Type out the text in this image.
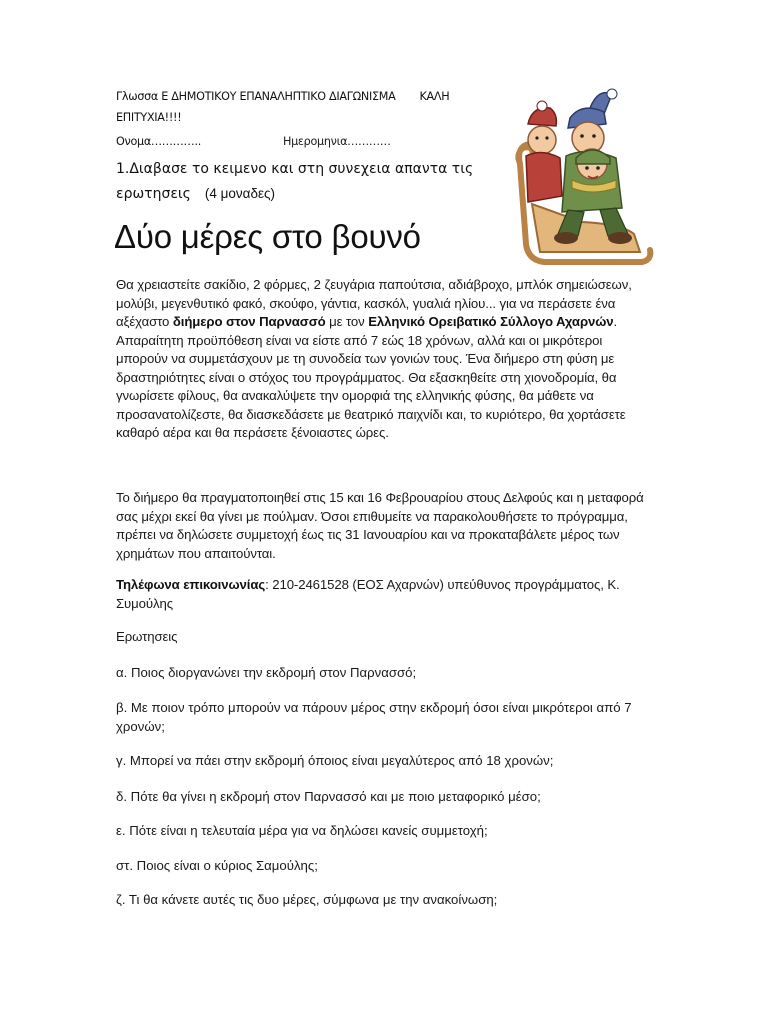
Γλωσσα Ε ΔΗΜΟΤΙΚΟΥ ΕΠΑΝΑΛΗΠΤΙΚΟ ΔΙΑΓΩΝΙΣΜΑ ΚΑΛΗ
ΕΠΙΤΥΧΙΑ!!!!
Ονομα…………..	Ημερομηνια…………
1.Διαβασε το κειμενο και στη συνεχεια απαντα τις
ερωτησεις (4 μοναδες)
Δύο μέρες στο βουνό
Θα χρειαστείτε σακίδιο, 2 φόρμες, 2 ζευγάρια παπούτσια, αδιάβροχο, μπλόκ σημειώσεων, μολύβι, μεγενθυτικό φακό, σκούφο, γάντια, κασκόλ, γυαλιά ηλίου... για να περάσετε ένα αξέχαστο διήμερο στον Παρνασσό με τον Ελληνικό Ορειβατικό Σύλλογο Αχαρνών. Απαραίτητη προϋπόθεση είναι να είστε από 7 εώς 18 χρόνων, αλλά και οι μικρότεροι μπορούν να συμμετάσχουν με τη συνοδεία των γονιών τους. Ένα διήμερο στη φύση με δραστηριότητες είναι ο στόχος του προγράμματος. Θα εξασκηθείτε στη χιονοδρομία, θα γνωρίσετε φίλους, θα ανακαλύψετε την ομορφιά της ελληνικής φύσης, θα μάθετε να προσανατολίζεστε, θα διασκεδάσετε με θεατρικό παιχνίδι και, το κυριότερο, θα χορτάσετε καθαρό αέρα και θα περάσετε ξένοιαστες ώρες.
Το διήμερο θα πραγματοποιηθεί στις 15 και 16 Φεβρουαρίου στους Δελφούς και η μεταφορά σας μέχρι εκεί θα γίνει με πούλμαν. Όσοι επιθυμείτε να παρακολουθήσετε το πρόγραμμα, πρέπει να δηλώσετε συμμετοχή έως τις 31 Ιανουαρίου και να προκαταβάλετε μέρος των χρημάτων που απαιτούνται.
Τηλέφωνα επικοινωνίας: 210-2461528 (ΕΟΣ Αχαρνών) υπεύθυνος προγράμματος, Κ. Συμούλης
Ερωτησεις
α. Ποιος διοργανώνει την εκδρομή στον Παρνασσό;
β. Με ποιον τρόπο μπορούν να πάρουν μέρος στην εκδρομή όσοι είναι μικρότεροι από 7 χρονών;
γ. Μπορεί να πάει στην εκδρομή όποιος είναι μεγαλύτερος από 18 χρονών;
δ. Πότε θα γίνει η εκδρομή στον Παρνασσό και με ποιο μεταφορικό μέσο;
ε. Πότε είναι η τελευταία μέρα για να δηλώσει κανείς συμμετοχή;
στ. Ποιος είναι ο κύριος Σαμούλης;
ζ. Τι θα κάνετε αυτές τις δυο μέρες, σύμφωνα με την ανακοίνωση;
